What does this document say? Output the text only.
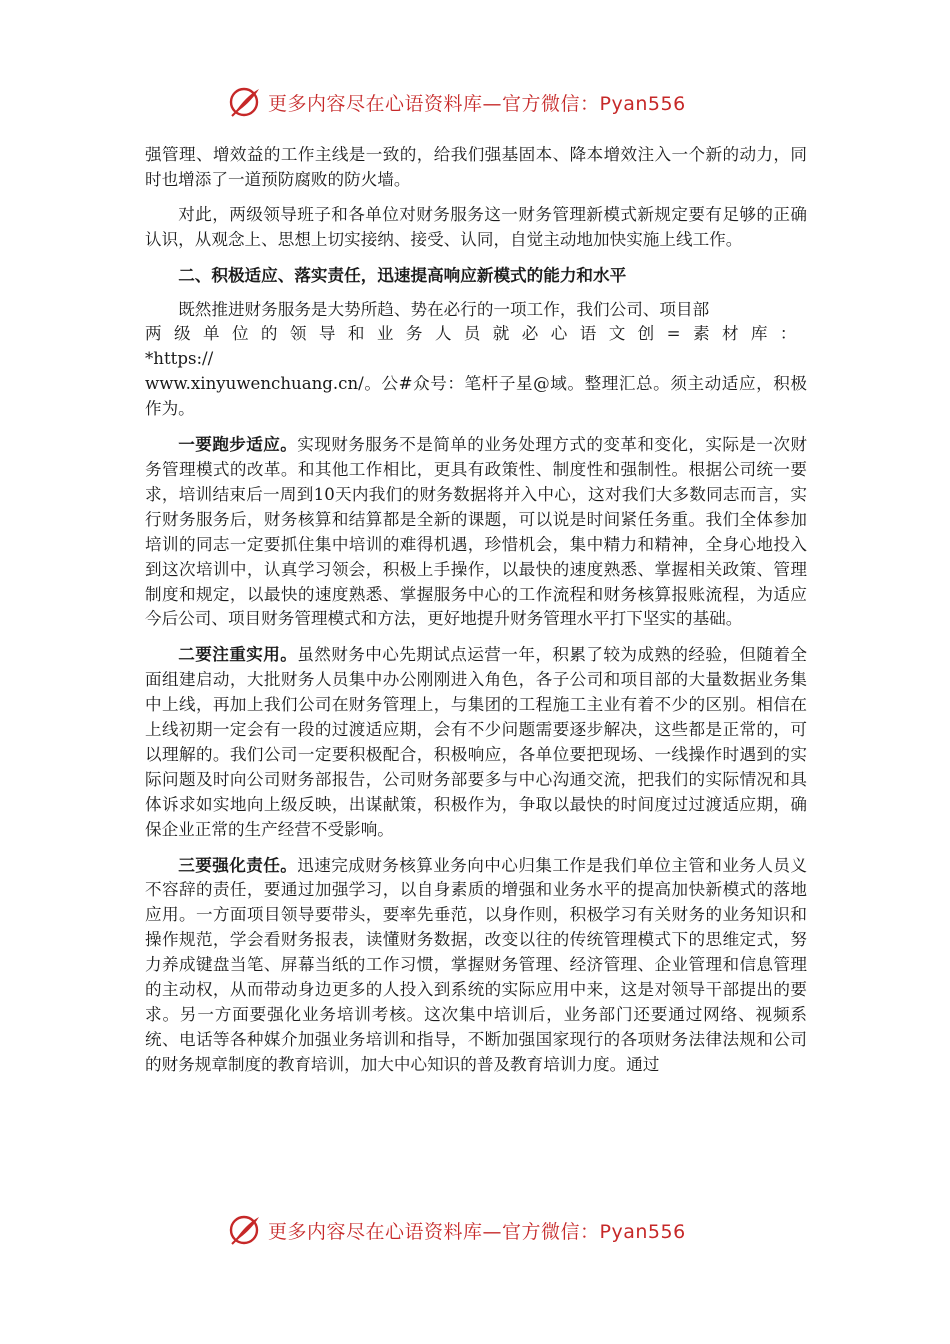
更多内容尽在心语资料库—官方微信：Pyan556

强管理、增效益的工作主线是一致的，给我们强基固本、降本增效注入一个新的动力，同时也增添了一道预防腐败的防火墙。

对此，两级领导班子和各单位对财务服务这一财务管理新模式新规定要有足够的正确认识，从观念上、思想上切实接纳、接受、认同，自觉主动地加快实施上线工作。

二、积极适应、落实责任，迅速提高响应新模式的能力和水平

既然推进财务服务是大势所趋、势在必行的一项工作，我们公司、项目部
两级单位的领导和业务人员就必心语文创=素材库： *https://
www.xinyuwenchuang.cn/。公#众号：笔杆子星@域。整理汇总。须主动适应，积极作为。

一要跑步适应。实现财务服务不是简单的业务处理方式的变革和变化，实际是一次财务管理模式的改革。和其他工作相比，更具有政策性、制度性和强制性。根据公司统一要求，培训结束后一周到10天内我们的财务数据将并入中心，这对我们大多数同志而言，实行财务服务后，财务核算和结算都是全新的课题，可以说是时间紧任务重。我们全体参加培训的同志一定要抓住集中培训的难得机遇，珍惜机会，集中精力和精神，全身心地投入到这次培训中，认真学习领会，积极上手操作，以最快的速度熟悉、掌握相关政策、管理制度和规定，以最快的速度熟悉、掌握服务中心的工作流程和财务核算报账流程，为适应今后公司、项目财务管理模式和方法，更好地提升财务管理水平打下坚实的基础。

二要注重实用。虽然财务中心先期试点运营一年，积累了较为成熟的经验，但随着全面组建启动，大批财务人员集中办公刚刚进入角色，各子公司和项目部的大量数据业务集中上线，再加上我们公司在财务管理上，与集团的工程施工主业有着不少的区别。相信在上线初期一定会有一段的过渡适应期，会有不少问题需要逐步解决，这些都是正常的，可以理解的。我们公司一定要积极配合，积极响应，各单位要把现场、一线操作时遇到的实际问题及时向公司财务部报告，公司财务部要多与中心沟通交流，把我们的实际情况和具体诉求如实地向上级反映，出谋献策，积极作为，争取以最快的时间度过过渡适应期，确保企业正常的生产经营不受影响。

三要强化责任。迅速完成财务核算业务向中心归集工作是我们单位主管和业务人员义不容辞的责任，要通过加强学习，以自身素质的增强和业务水平的提高加快新模式的落地应用。一方面项目领导要带头，要率先垂范，以身作则，积极学习有关财务的业务知识和操作规范，学会看财务报表，读懂财务数据，改变以往的传统管理模式下的思维定式，努力养成键盘当笔、屏幕当纸的工作习惯，掌握财务管理、经济管理、企业管理和信息管理的主动权，从而带动身边更多的人投入到系统的实际应用中来，这是对领导干部提出的要求。另一方面要强化业务培训考核。这次集中培训后，业务部门还要通过网络、视频系统、电话等各种媒介加强业务培训和指导，不断加强国家现行的各项财务法律法规和公司的财务规章制度的教育培训，加大中心知识的普及教育培训力度。通过

更多内容尽在心语资料库—官方微信：Pyan556
